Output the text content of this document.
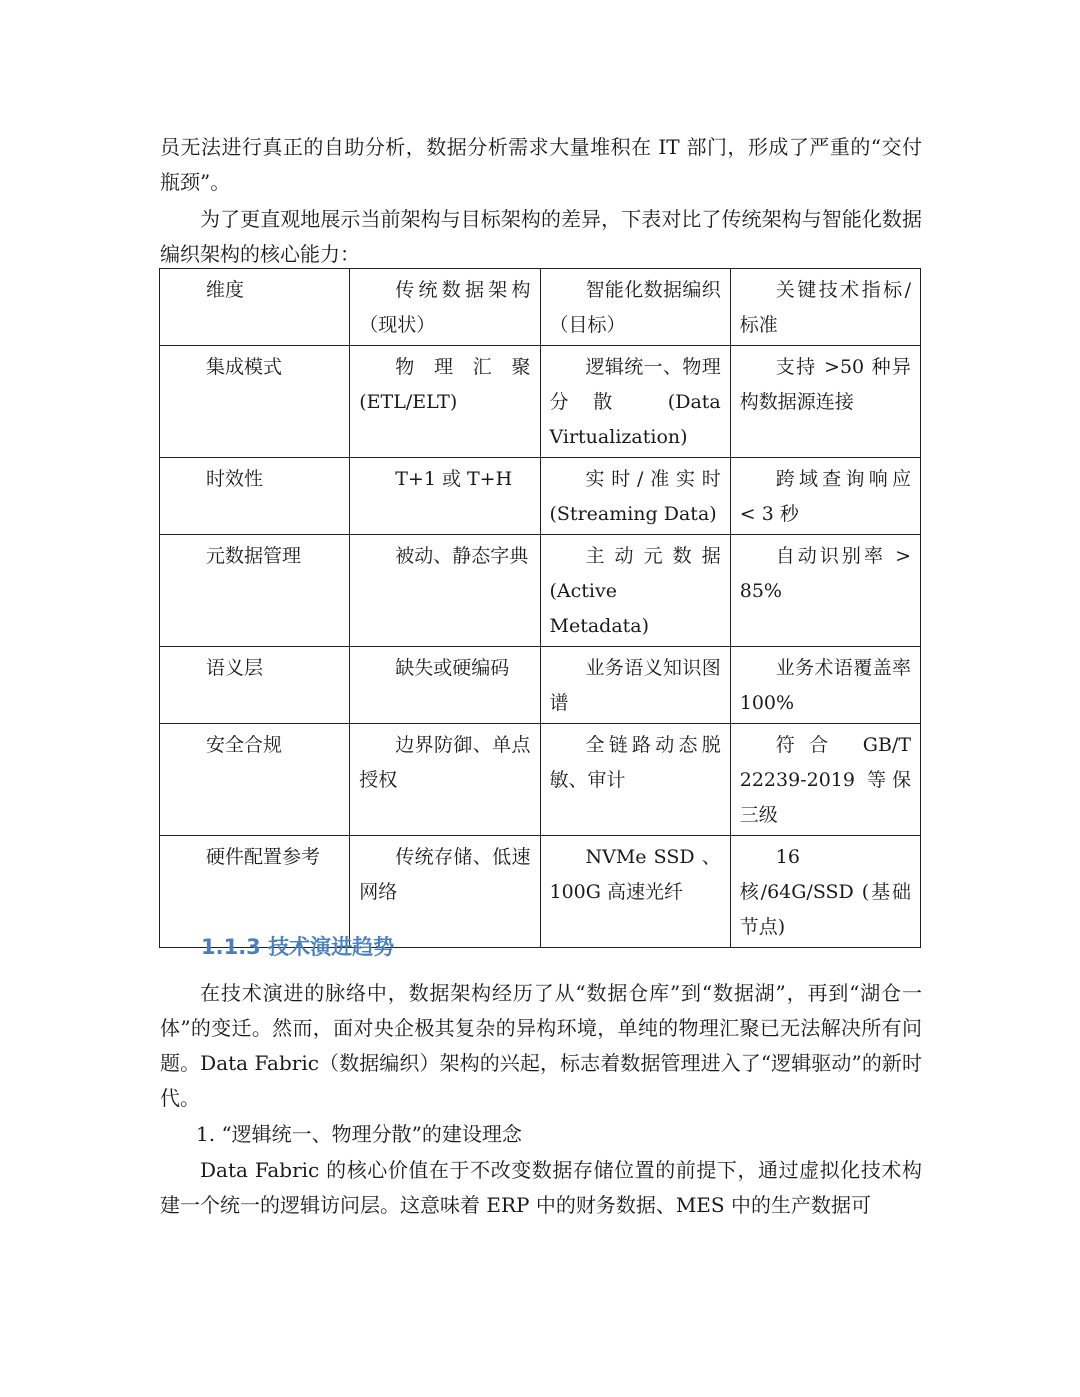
员无法进行真正的自助分析，数据分析需求大量堆积在 IT 部门，形成了严重的“交付瓶颈”。

为了更直观地展示当前架构与目标架构的差异，下表对比了传统架构与智能化数据编织架构的核心能力：

维度	传统数据架构（现状）	智能化数据编织（目标）	关键技术指标/标准
集成模式	物理汇聚(ETL/ELT)	逻辑统一、物理分散 (Data Virtualization)	支持 >50 种异构数据源连接
时效性	T+1 或 T+H	实时/准实时(Streaming Data)	跨域查询响应 < 3 秒
元数据管理	被动、静态字典	主动元数据(Active Metadata)	自动识别率 > 85%
语义层	缺失或硬编码	业务语义知识图谱	业务术语覆盖率 100%
安全合规	边界防御、单点授权	全链路动态脱敏、审计	符合 GB/T 22239-2019 等保三级
硬件配置参考	传统存储、低速网络	NVMe SSD 、100G 高速光纤	16 核/64G/SSD (基础节点)
1.1.3 技术演进趋势

在技术演进的脉络中，数据架构经历了从“数据仓库”到“数据湖”，再到“湖仓一体”的变迁。然而，面对央企极其复杂的异构环境，单纯的物理汇聚已无法解决所有问题。Data Fabric（数据编织）架构的兴起，标志着数据管理进入了“逻辑驱动”的新时代。

1. “逻辑统一、物理分散”的建设理念

Data Fabric 的核心价值在于不改变数据存储位置的前提下，通过虚拟化技术构建一个统一的逻辑访问层。这意味着 ERP 中的财务数据、MES 中的生产数据可
